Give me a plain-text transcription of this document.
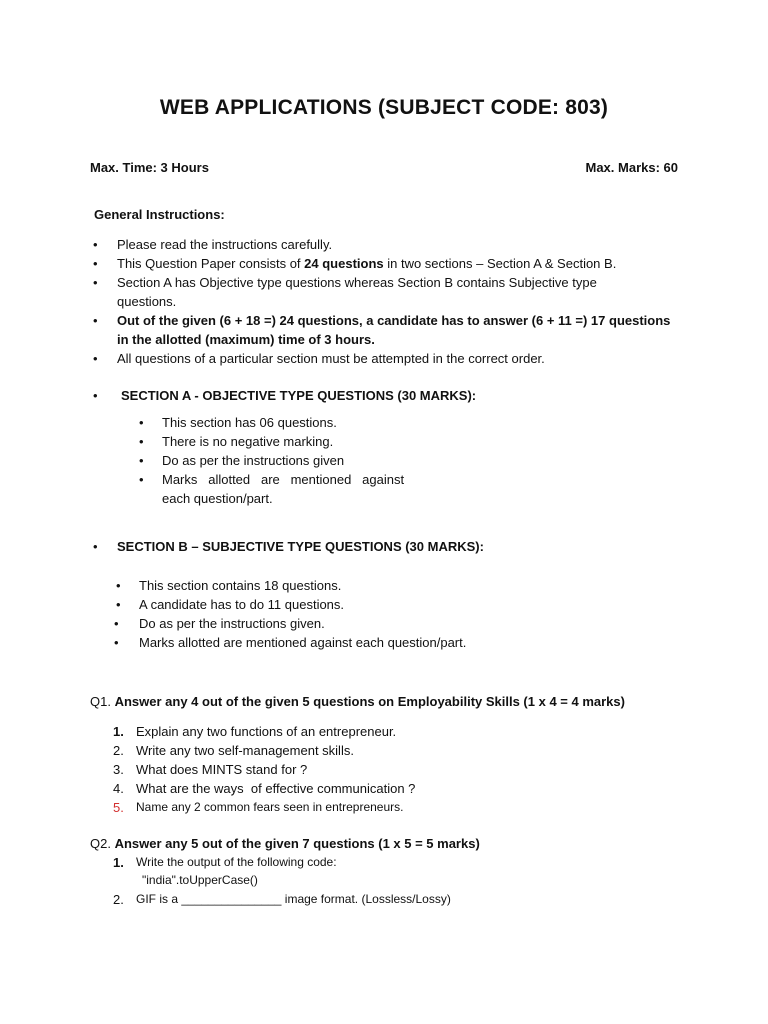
WEB APPLICATIONS (SUBJECT CODE: 803)
Max. Time: 3 Hours	Max. Marks: 60
General Instructions:
• Please read the instructions carefully.
• This Question Paper consists of 24 questions in two sections – Section A & Section B.
• Section A has Objective type questions whereas Section B contains Subjective type
questions.
• Out of the given (6 + 18 =) 24 questions, a candidate has to answer (6 + 11 =) 17 questions
in the allotted (maximum) time of 3 hours.
• All questions of a particular section must be attempted in the correct order.
• SECTION A - OBJECTIVE TYPE QUESTIONS (30 MARKS):
• This section has 06 questions.
• There is no negative marking.
• Do as per the instructions given
• Marks   allotted   are   mentioned   against
each question/part.
• SECTION B – SUBJECTIVE TYPE QUESTIONS (30 MARKS):
• This section contains 18 questions.
• A candidate has to do 11 questions.
• Do as per the instructions given.
• Marks allotted are mentioned against each question/part.
Q1. Answer any 4 out of the given 5 questions on Employability Skills (1 x 4 = 4 marks)
1. Explain any two functions of an entrepreneur.
2. Write any two self-management skills.
3. What does MINTS stand for ?
4. What are the ways  of effective communication ?
5. Name any 2 common fears seen in entrepreneurs.
Q2. Answer any 5 out of the given 7 questions (1 x 5 = 5 marks)
1. Write the output of the following code:
"india".toUpperCase()
2. GIF is a _______________ image format. (Lossless/Lossy)
